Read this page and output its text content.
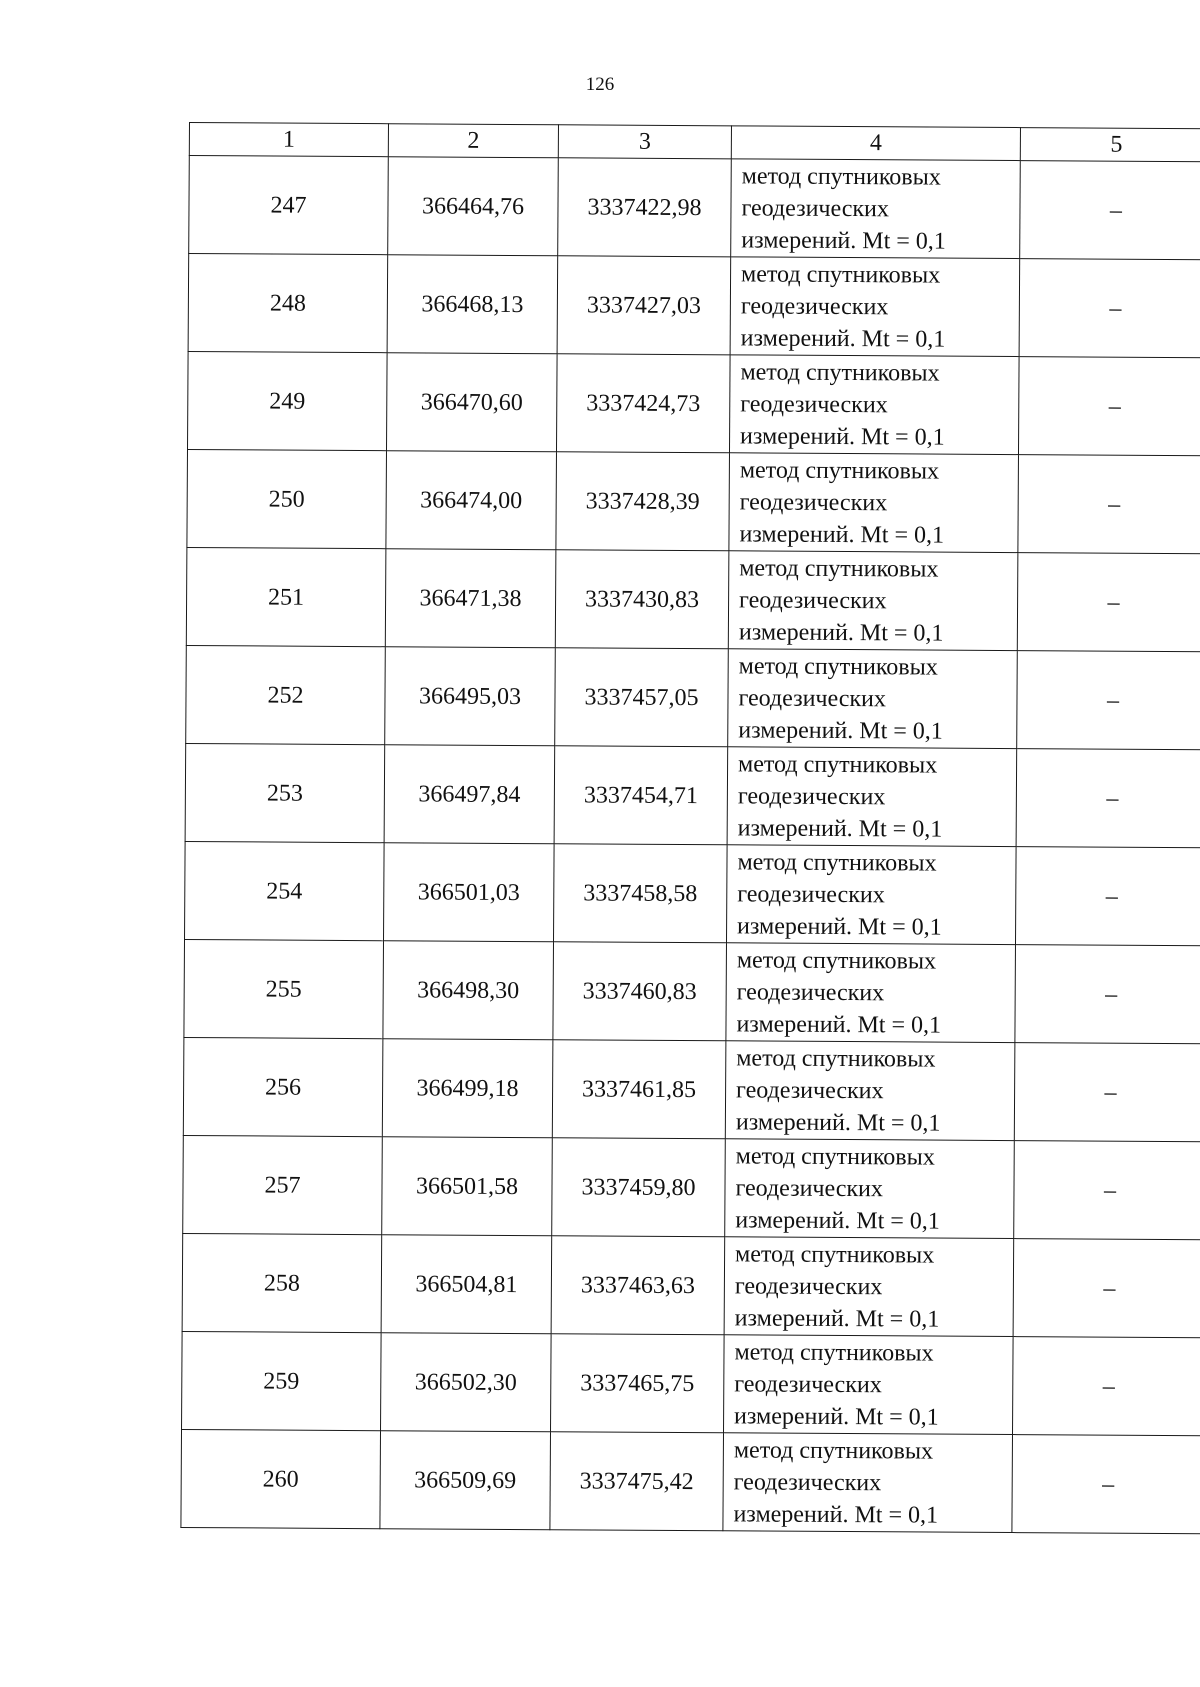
126
1	2	3	4	5
247	366464,76	3337422,98	метод спутниковых
геодезических
измерений. Mt = 0,1	–
248	366468,13	3337427,03	метод спутниковых
геодезических
измерений. Mt = 0,1	–
249	366470,60	3337424,73	метод спутниковых
геодезических
измерений. Mt = 0,1	–
250	366474,00	3337428,39	метод спутниковых
геодезических
измерений. Mt = 0,1	–
251	366471,38	3337430,83	метод спутниковых
геодезических
измерений. Mt = 0,1	–
252	366495,03	3337457,05	метод спутниковых
геодезических
измерений. Mt = 0,1	–
253	366497,84	3337454,71	метод спутниковых
геодезических
измерений. Mt = 0,1	–
254	366501,03	3337458,58	метод спутниковых
геодезических
измерений. Mt = 0,1	–
255	366498,30	3337460,83	метод спутниковых
геодезических
измерений. Mt = 0,1	–
256	366499,18	3337461,85	метод спутниковых
геодезических
измерений. Mt = 0,1	–
257	366501,58	3337459,80	метод спутниковых
геодезических
измерений. Mt = 0,1	–
258	366504,81	3337463,63	метод спутниковых
геодезических
измерений. Mt = 0,1	–
259	366502,30	3337465,75	метод спутниковых
геодезических
измерений. Mt = 0,1	–
260	366509,69	3337475,42	метод спутниковых
геодезических
измерений. Mt = 0,1	–
